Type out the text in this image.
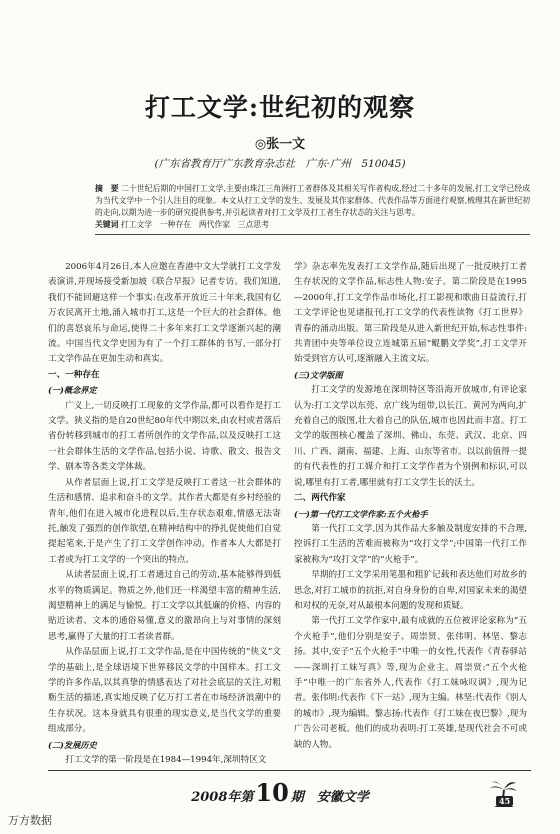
打工文学:世纪初的观察
◎张一文
(广东省教育厅广东教育杂志社　广东·广州　510045)
摘　要 二十世纪后期的中国打工文学,主要由珠江三角洲打工者群体及其相关写作者构成,经过二十多年的发展,打工文学已经成为当代文学中一个引人注目的现象。本文从打工文学的发生、发展及其作家群体、代表作品等方面进行观察,梳理其在新世纪初的走向,以期为进一步的研究提供参考,并引起读者对打工文学及打工者生存状态的关注与思考。
关键词 打工文学　一种存在　两代作家　三点思考

2006年4月26日,本人应邀在香港中文大学就打工文学发表演讲,并现场接受新加坡《联合早报》记者专访。我们知道,我们不能回避这样一个事实:在改革开放近三十年来,我国有亿万农民离开土地,涌入城市打工,这是一个巨大的社会群体。他们的喜怒哀乐与命运,使得二十多年来打工文学逐渐兴起的潮流。中国当代文学史因为有了一个打工群体的书写,一部分打工文学作品在更加生动和真实。

一、一种存在

(一)概念界定

广义上,一切反映打工现象的文学作品,都可以看作是打工文学。狭义指的是自20世纪80年代中期以来,由农村或者落后省份转移到城市的打工者所创作的文学作品,以及反映打工这一社会群体生活的文学作品,包括小说、诗歌、散文、报告文学、剧本等各类文学体裁。

从作者层面上说,打工文学是反映打工者这一社会群体的生活和感情、追求和奋斗的文学。其作者大都是有乡村经验的青年,他们在进入城市化进程以后,生存状态艰难,情感无法寄托,触发了强烈的创作欲望,在精神结构中的挣扎促使他们自觉提起笔来,于是产生了打工文学创作冲动。作者本人大都是打工者或为打工文学的一个突出的特点。

从读者层面上说,打工者通过自己的劳动,基本能够得到低水平的物质满足。物质之外,他们还一样渴望丰富的精神生活,渴望精神上的满足与愉悦。打工文学以其低廉的价格、内容的贴近读者、文本的通俗易懂,意义的激昂向上与对事情的深刻思考,赢得了大量的打工者读者群。

从作品层面上说,打工文学作品,是在中国传统的“侠义”文学的基础上,是全球语境下世界移民文学的中国样本。打工文学的许多作品,以其真挚的情感表达了对社会底层的关注,对粗粝生活的描述,真实地反映了亿万打工者在市场经济浪潮中的生存状况。这本身就具有很重的现实意义,是当代文学的重要组成部分。

(二)发展历史

打工文学的第一阶段是在1984—1994年,深圳特区文

学》杂志率先发表打工文学作品,随后出现了一批反映打工者生存状况的文学作品,标志性人物:安子。第二阶段是在1995—2000年,打工文学作品市场化,打工影视和歌曲日益流行,打工文学评论也见诸报刊,打工文学的代表性读物《打工世界》青春的涌动出版。第三阶段是从进入新世纪开始,标志性事件:共青团中央等单位设立连城第五届“鲲鹏文学奖”,打工文学开始受到官方认可,逐渐融入主流文坛。

(三)文学版图

打工文学的发源地在深圳特区等沿海开放城市,有评论家认为:打工文学以东莞、京广线为纽带,以长江、黄河为两向,扩充着自己的版图,壮大着自己的队伍,城市也因此而丰富。打工文学的版图核心覆盖了深圳、佛山、东莞、武汉、北京、四川、广西、湖南、福建、上海、山东等省市。以以前值得一提的有代表性的打工媒介和打工文学作者为个别例和标识,可以说,哪里有打工者,哪里就有打工文学生长的沃土。

二、两代作家

(一)第一代打工文学作家:五个火枪手

第一代打工文学,因为其作品大多触及制度安排的不合理,控诉打工生活的苦难而被称为“攻打文学”;中国第一代打工作家被称为“攻打文学”的“火枪手”。

早期的打工文学采用笔墨和粗犷记载和表达他们对故乡的思念,对打工城市的抗拒,对自身身份的自卑,对国家未来的渴望和对权的无奈,对从最根本问题的发现和质疑。

第一代打工文学作家中,最有成就的五位被评论家称为“五个火枪手”,他们分别是安子、周崇贤、张伟明、林坚、黎志扬。其中,安子“五个火枪手”中唯一的女性,代表作《青春驿站——深圳打工妹写真》等,现为企业主。周崇贤:“五个火枪手”中唯一的广东省外人,代表作《打工妹咏叹调》,现为记者。张伟明:代表作《下一站》,现为主编。林坚:代表作《别人的城市》,现为编辑。黎志扬:代表作《打工妹在夜巴黎》,现为广告公司老板。他们的成功表明:打工英雄,是现代社会不可或缺的人物。

2008年第10 期　安徽文学	45
万方数据
